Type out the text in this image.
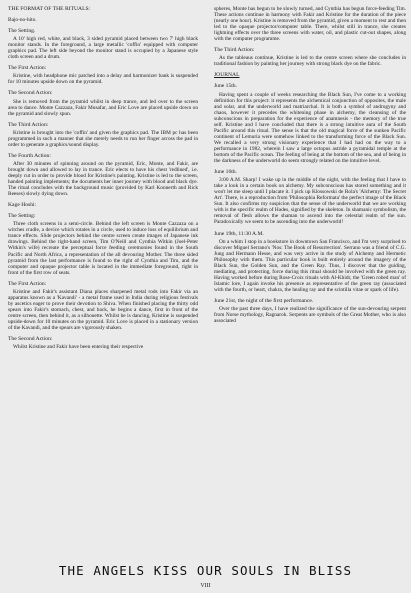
THE FORMAT OF THE RITUALS:

Bajo-no-hito.

The Setting.

A 10' high red, white, and black, 3 sided pyramid placed between two 7' high black monitor stands. In the foreground, a large metallic 'coffin' equipped with computer graphics pad. The left side beyond the monitor stand is occupied by a Japanese style cloth screen and a drum.

The First Action:

Kristine, with headphone mic patched into a delay and harmonizer bank is suspended for 10 minutes upside down on the pyramid.

The Second Action:

She is removed from the pyramid whilst in deep trance, and led over to the screen area to dance. Monte Cazzaza, Fakir Musafar, and Eric Love are placed upside down on the pyramid and slowly spun.

The Third Action:

Kristine is brought into the 'coffin' and given the graphics pad. The IBM pc has been programmed in such a manner that she merely needs to run her finger across the pad in order to generate a graphics/sound display.

The Fourth Action:

After 30 minutes of spinning around on the pyramid, Eric, Monte, and Fakir, are brought down and allowed to lay in trance. Eric elects to have his chest 'redlined', i.e. deeply cut in order to provide blood for Kristine's painting. Kristine is led to the screen, handed painting implements; the documents her inner journey with blood and black dye. The ritual concludes with the background music (provided by Karl Konnerth and Rick Reeses) slowly dying down.

Kage Hoshi:
The Setting:

Three cloth screens in a semi-circle. Behind the left screen is Monte Cazzaza on a witches cradle, a device which rotates in a circle, used to induce loss of equilibrium and trance effects. Slide projectors behind the centre screen create images of Japanese ink drawings. Behind the right-hand screen, Tim O'Neill and Cynthia Witkin (Joel-Peter Witkin's wife) recreate the perceptual force feeding ceremonies found in the South Pacific and North Africa, a representation of the all devouring Mother. The three sided pyramid from the last performance is found to the right of Cynthia and Tim, and the computer and opaque projector table is located in the immediate foreground, right in front of the first row of seats.

The First Action:

Kristine and Fakir's assistant Diana places sharpened metal rods into Fakir via an apparatus known as a 'Kavandi' - a metal frame used in India during religious festivals by ascetics eager to prove their devotion to Shiva. When finished placing the thirty odd spears into Fakir's stomach, chest, and back, he begins a dance, first in front of the centre screen, then behind it, as a silhouette. Whilst he is dancing, Kristine is suspended upside-down for 10 minutes on the pyramid. Eric Love is placed in a stationary version of the Kavandi, and the spears are vigorously shaken.

The Second Action:

Whilst Kristine and Fakir have been entering their respective

spheres, Monte has begun to be slowly turned, and Cynthia has begun force-feeding Tim. These actions continue in harmony with Fakir and Kristine for the duration of the piece (nearly one hour). Kristine is removed from the pyramid, given a moment to rest and then led to the opaque projector/computer table. There, whilst still in trance, she creates lightning effects over the three screens with water, oil, and plastic cut-out shapes, along with the computer programme.

The Third Action:

As the tableaus continue, Kristine is led to the centre screen where she concludes in traditional fashion by painting her journey with strong black dye on the fabric.

JOURNAL
June 15th.

Having spent a couple of weeks researching the Black Sun, I've come to a working definition for this project: it represents the alchemical conjunction of opposites, the male and solar, and the underworld and matriarchal. It is both a symbol of androgyny and chaos, however it precedes the whitening phase in alchemy, the cleansing of the subconscious in preparation for the experience of anamnesis - the memory of the true self. Kristine and I have concluded that there is a strong intuitive aura of the South Pacific around this ritual. The sense is that the old magical force of the sunken Pacific continent of Lemuria were somehow linked to the transforming force of the Black Sun. We recalled a very strong visionary experience that I had had on the way to a performance in 1982, wherein I saw a large octopus astride a pyramidal temple at the bottom of the Pacific ocean. The feeling of being at the bottom of the sea, and of being in the darkness of the underworld do seem strongly related on the intuitive level.

June 16th.

3:00 A.M. Sharp! I wake up in the middle of the night, with the feeling that I have to take a look in a certain book on alchemy. My subconscious has stored something and it won't let me sleep until I placate it. I pick up Klossowski de Rola's 'Alchemy: The Secret Art'. There, is a reproduction from 'Philosophia Reformata' the perfect image of the Black Sun. It also confirms my suspicion that the sense of the underworld that we are working with is the specific realm of Hades, signified by the skeleton. In shamanic symbolism, the removal of flesh allows the shaman to ascend into the celestial realm of the sun. Paradoxically we seem to be ascending into the underworld!

June 19th, 11:30 A.M.

On a whim I stop in a bookstore in downtown San Francisco, and I'm very surprised to discover Miguel Serrano's 'Nos: The Book of Resurrection'. Serrano was a friend of C.G. Jung and Hermann Hesse, and was very active in the study of Alchemy and Hermetic Philosophy with them. This particular book is built entirely around the imagery of the Black Sun, the Golden Sun, and the Green Ray. Thus, I discover that the guiding, mediating, and protecting, force during this ritual should be involved with the green ray. Having worked before during Rose-Croix rituals with Al-Khidr, the 'Green robed man' of Islamic lore, I again invoke his presence as representative of the green ray (associated with the fourth, or heart, chakra, the healing ray and the scintilla vitae or spark of life).

June 21st, the night of the first performance.

Over the past three days, I have realized the significance of the sun-devouring serpent from Norse mythology, Ragnarok. Serpents are symbols of the Great Mother, who is also associated

THE ANGELS KISS OUR SOULS IN BLISS
VIII
